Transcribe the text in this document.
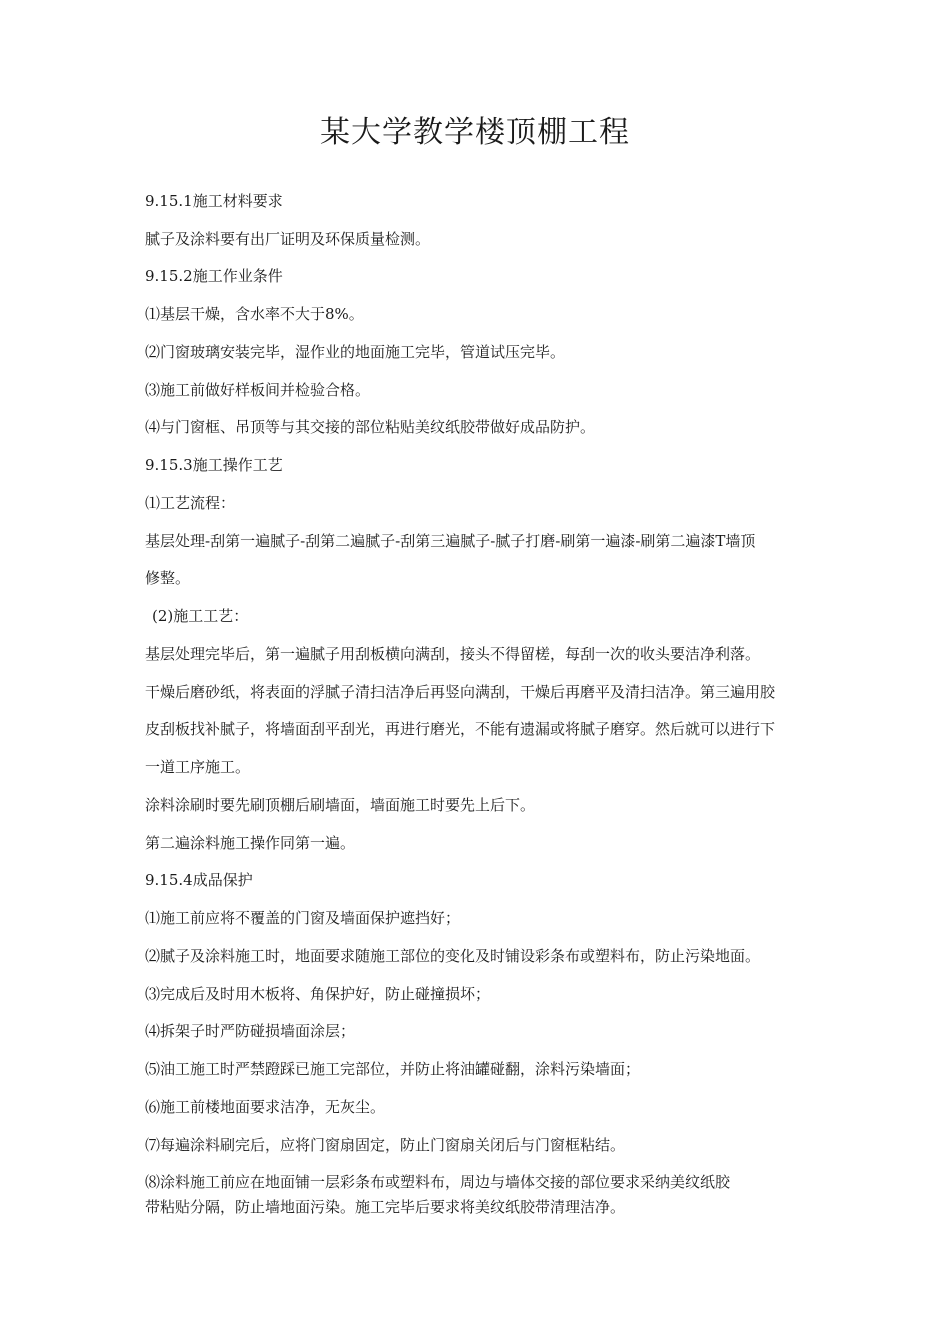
某大学教学楼顶棚工程

9.15.1施工材料要求

腻子及涂料要有出厂证明及环保质量检测。

9.15.2施工作业条件

⑴基层干燥，含水率不大于8%。

⑵门窗玻璃安装完毕，湿作业的地面施工完毕，管道试压完毕。

⑶施工前做好样板间并检验合格。

⑷与门窗框、吊顶等与其交接的部位粘贴美纹纸胶带做好成品防护。

9.15.3施工操作工艺

⑴工艺流程：

基层处理-刮第一遍腻子-刮第二遍腻子-刮第三遍腻子-腻子打磨-刷第一遍漆-刷第二遍漆T墙顶

修整。

(2)施工工艺：

基层处理完毕后，第一遍腻子用刮板横向满刮，接头不得留槎，每刮一次的收头要洁净利落。

干燥后磨砂纸，将表面的浮腻子清扫洁净后再竖向满刮，干燥后再磨平及清扫洁净。第三遍用胶

皮刮板找补腻子，将墙面刮平刮光，再进行磨光，不能有遗漏或将腻子磨穿。然后就可以进行下

一道工序施工。

涂料涂刷时要先刷顶棚后刷墙面，墙面施工时要先上后下。

第二遍涂料施工操作同第一遍。

9.15.4成品保护

⑴施工前应将不覆盖的门窗及墙面保护遮挡好；

⑵腻子及涂料施工时，地面要求随施工部位的变化及时铺设彩条布或塑料布，防止污染地面。

⑶完成后及时用木板将、角保护好，防止碰撞损坏；

⑷拆架子时严防碰损墙面涂层；

⑸油工施工时严禁蹬踩已施工完部位，并防止将油罐碰翻，涂料污染墙面；

⑹施工前楼地面要求洁净，无灰尘。

⑺每遍涂料刷完后，应将门窗扇固定，防止门窗扇关闭后与门窗框粘结。

⑻涂料施工前应在地面铺一层彩条布或塑料布，周边与墙体交接的部位要求采纳美纹纸胶

带粘贴分隔，防止墙地面污染。施工完毕后要求将美纹纸胶带清理洁净。
